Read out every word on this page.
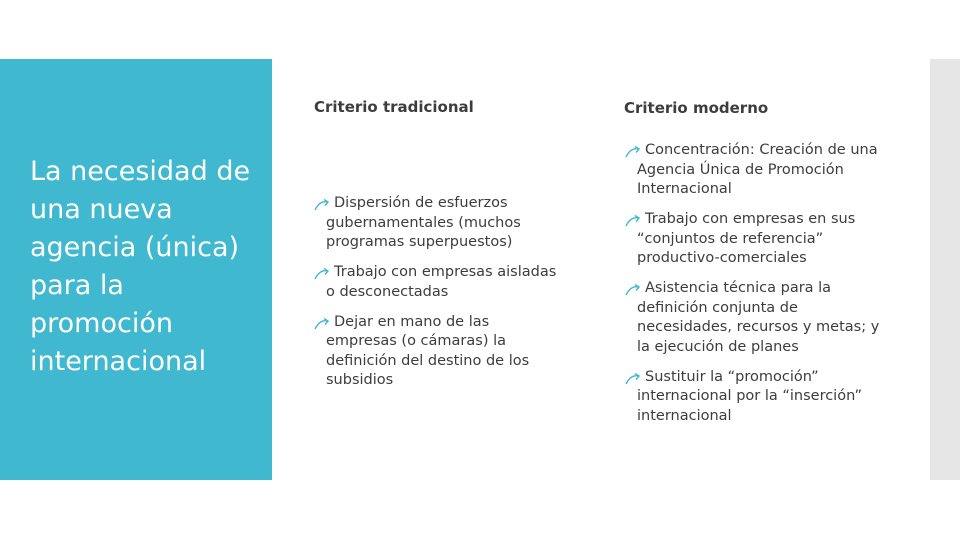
La necesidad de una nueva agencia (única) para la promoción internacional
Criterio tradicional	Criterio moderno
Dispersión de esfuerzos gubernamentales (muchos programas superpuestos)
Trabajo con empresas aisladas o desconectadas
Dejar en mano de las empresas (o cámaras) la definición del destino de los subsidios
Concentración: Creación de una Agencia Única de Promoción Internacional
Trabajo con empresas en sus “conjuntos de referencia” productivo-comerciales
Asistencia técnica para la definición conjunta de necesidades, recursos y metas; y la ejecución de planes
Sustituir la “promoción” internacional por la “inserción” internacional
